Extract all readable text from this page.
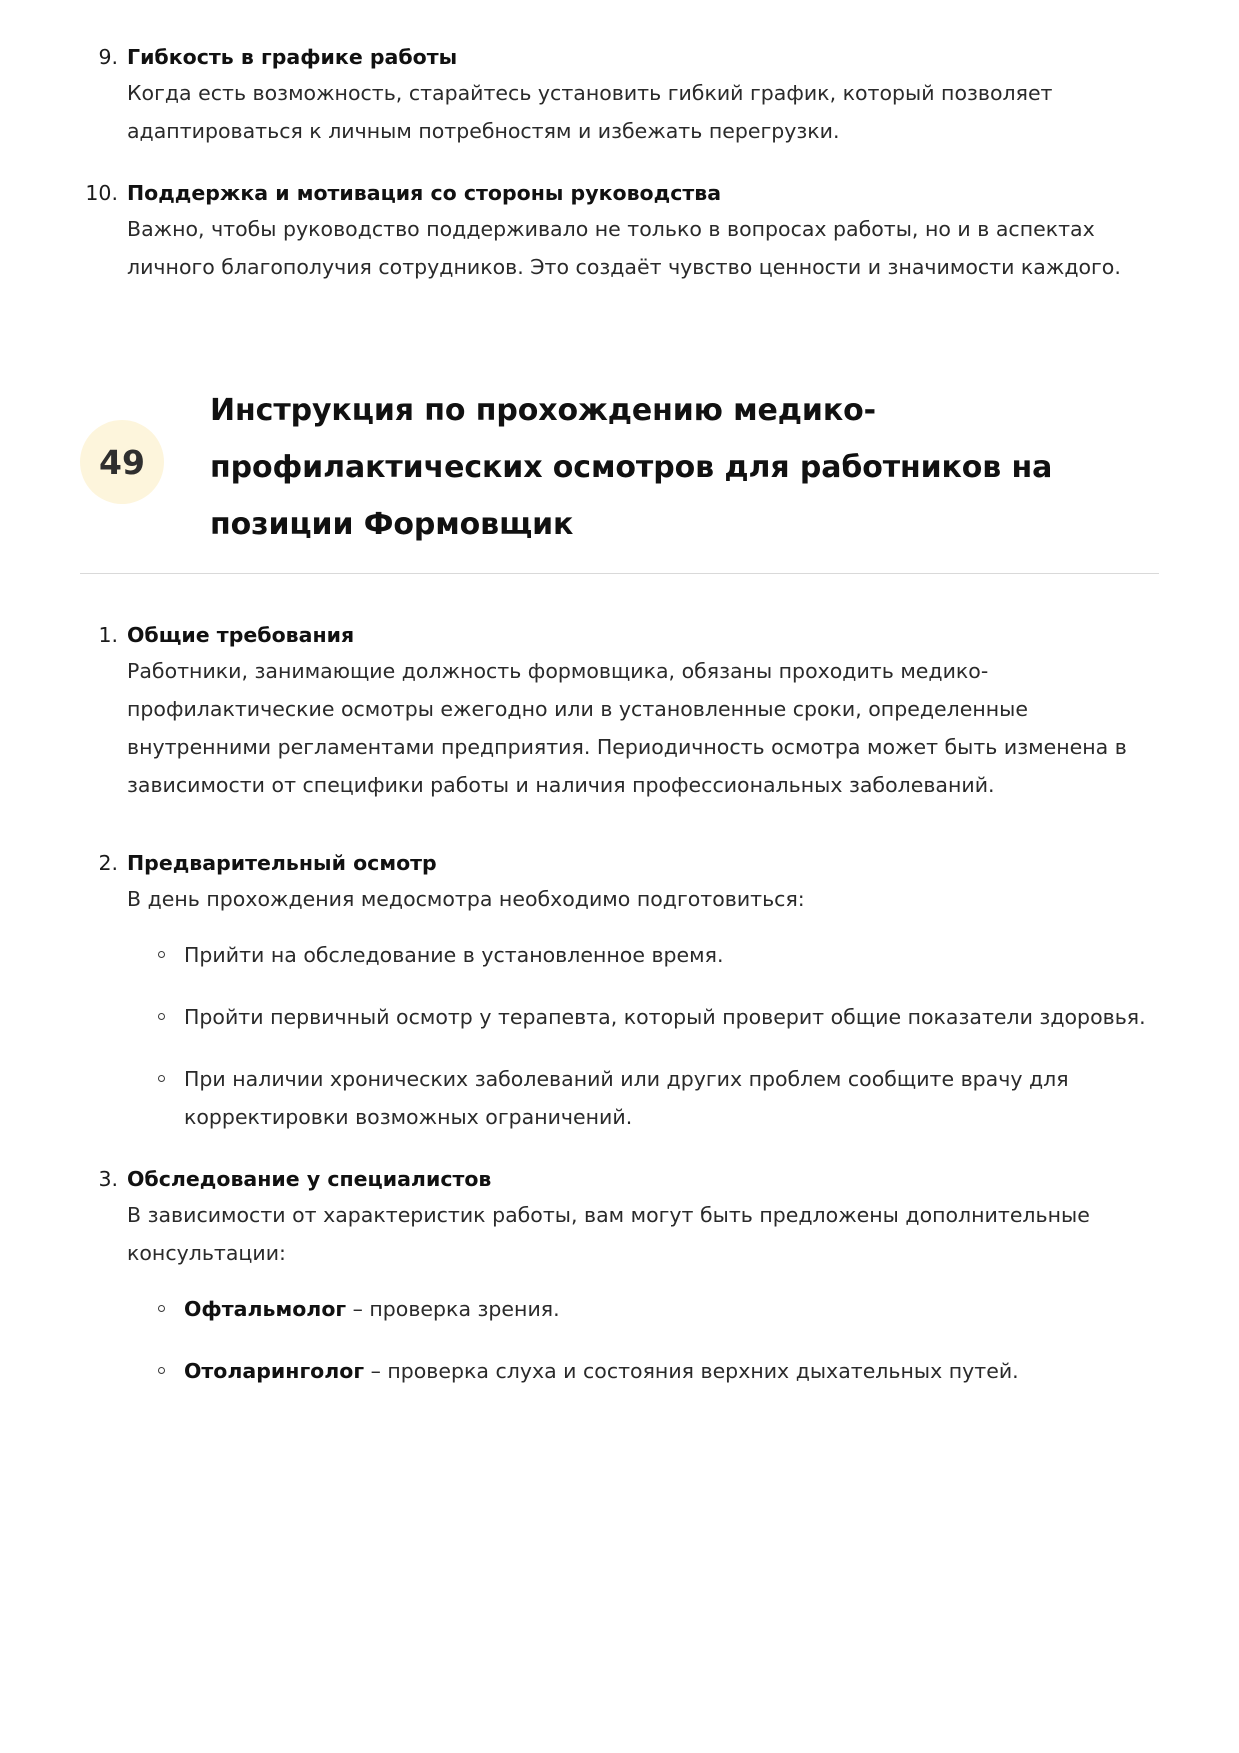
9. Гибкость в графике работы

Когда есть возможность, старайтесь установить гибкий график, который позволяет адаптироваться к личным потребностям и избежать перегрузки.

10. Поддержка и мотивация со стороны руководства

Важно, чтобы руководство поддерживало не только в вопросах работы, но и в аспектах личного благополучия сотрудников. Это создаёт чувство ценности и значимости каждого.

49
Инструкция по прохождению медико-профилактических осмотров для работников на позиции Формовщик
1. Общие требования

Работники, занимающие должность формовщика, обязаны проходить медико-профилактические осмотры ежегодно или в установленные сроки, определенные внутренними регламентами предприятия. Периодичность осмотра может быть изменена в зависимости от специфики работы и наличия профессиональных заболеваний.

2. Предварительный осмотр

В день прохождения медосмотра необходимо подготовиться:

Прийти на обследование в установленное время.
Пройти первичный осмотр у терапевта, который проверит общие показатели здоровья.
При наличии хронических заболеваний или других проблем сообщите врачу для корректировки возможных ограничений.
3. Обследование у специалистов

В зависимости от характеристик работы, вам могут быть предложены дополнительные консультации:

Офтальмолог – проверка зрения.
Отоларинголог – проверка слуха и состояния верхних дыхательных путей.
